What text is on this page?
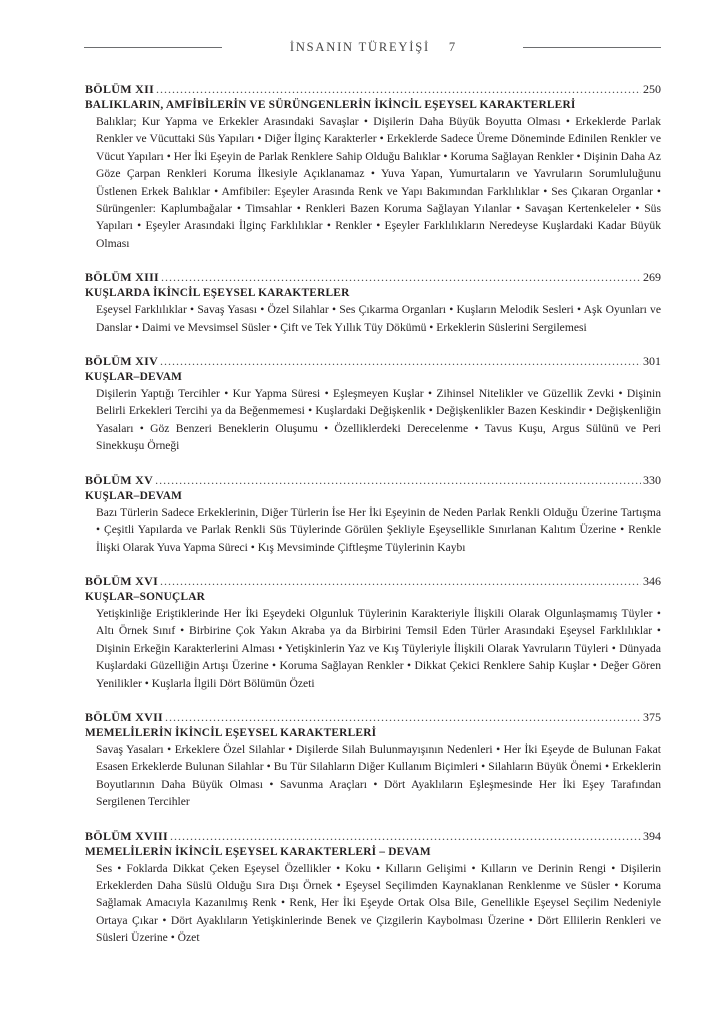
İNSANIN TÜREYİŞİ 7
BÖLÜM XII .....	250
BALIKLARIN, AMFİBİLERİN VE SÜRÜNGENLERİN İKİNCİL EŞEYSEL KARAKTERLERİ

Balıklar; Kur Yapma ve Erkekler Arasındaki Savaşlar • Dişilerin Daha Büyük Boyutta Olması • Erkeklerde Parlak Renkler ve Vücuttaki Süs Yapıları • Diğer İlginç Karakterler • Erkeklerde Sadece Üreme Döneminde Edinilen Renkler ve Vücut Yapıları • Her İki Eşeyin de Parlak Renklere Sahip Olduğu Balıklar • Koruma Sağlayan Renkler • Dişinin Daha Az Göze Çarpan Renkleri Koruma İlkesiyle Açıklanamaz • Yuva Yapan, Yumurtaların ve Yavruların Sorumluluğunu Üstlenen Erkek Balıklar • Amfibiler: Eşeyler Arasında Renk ve Yapı Bakımından Farklılıklar • Ses Çıkaran Organlar • Sürüngenler: Kaplumbağalar • Timsahlar • Renkleri Bazen Koruma Sağlayan Yılanlar • Savaşan Kertenkeleler • Süs Yapıları • Eşeyler Arasındaki İlginç Farklılıklar • Renkler • Eşeyler Farklılıkların Neredeyse Kuşlardaki Kadar Büyük Olması

BÖLÜM XIII .....	269
KUŞLARDA İKİNCİL EŞEYSEL KARAKTERLER

Eşeysel Farklılıklar • Savaş Yasası • Özel Silahlar • Ses Çıkarma Organları • Kuşların Melodik Sesleri • Aşk Oyunları ve Danslar • Daimi ve Mevsimsel Süsler • Çift ve Tek Yıllık Tüy Dökümü • Erkeklerin Süslerini Sergilemesi

BÖLÜM XIV .....	301
KUŞLAR–DEVAM

Dişilerin Yaptığı Tercihler • Kur Yapma Süresi • Eşleşmeyen Kuşlar • Zihinsel Nitelikler ve Güzellik Zevki • Dişinin Belirli Erkekleri Tercihi ya da Beğenmemesi • Kuşlardaki Değişkenlik • Değişkenlikler Bazen Keskindir • Değişkenliğin Yasaları • Göz Benzeri Beneklerin Oluşumu • Özelliklerdeki Derecelenme • Tavus Kuşu, Argus Sülünü ve Peri Sinekkuşu Örneği

BÖLÜM XV .....	330
KUŞLAR–DEVAM

Bazı Türlerin Sadece Erkeklerinin, Diğer Türlerin İse Her İki Eşeyinin de Neden Parlak Renkli Olduğu Üzerine Tartışma • Çeşitli Yapılarda ve Parlak Renkli Süs Tüylerinde Görülen Şekliyle Eşeysellikle Sınırlanan Kalıtım Üzerine • Renkle İlişki Olarak Yuva Yapma Süreci • Kış Mevsiminde Çiftleşme Tüylerinin Kaybı

BÖLÜM XVI .....	346
KUŞLAR–SONUÇLAR

Yetişkinliğe Eriştiklerinde Her İki Eşeydeki Olgunluk Tüylerinin Karakteriyle İlişkili Olarak Olgunlaşmamış Tüyler • Altı Örnek Sınıf • Birbirine Çok Yakın Akraba ya da Birbirini Temsil Eden Türler Arasındaki Eşeysel Farklılıklar • Dişinin Erkeğin Karakterlerini Alması • Yetişkinlerin Yaz ve Kış Tüyleriyle İlişkili Olarak Yavruların Tüyleri • Dünyada Kuşlardaki Güzelliğin Artışı Üzerine • Koruma Sağlayan Renkler • Dikkat Çekici Renklere Sahip Kuşlar • Değer Gören Yenilikler • Kuşlarla İlgili Dört Bölümün Özeti

BÖLÜM XVII .....	375
MEMELİLERİN İKİNCİL EŞEYSEL KARAKTERLERİ

Savaş Yasaları • Erkeklere Özel Silahlar • Dişilerde Silah Bulunmayışının Nedenleri • Her İki Eşeyde de Bulunan Fakat Esasen Erkeklerde Bulunan Silahlar • Bu Tür Silahların Diğer Kullanım Biçimleri • Silahların Büyük Önemi • Erkeklerin Boyutlarının Daha Büyük Olması • Savunma Araçları • Dört Ayaklıların Eşleşmesinde Her İki Eşey Tarafından Sergilenen Tercihler

BÖLÜM XVIII .....	394
MEMELİLERİN İKİNCİL EŞEYSEL KARAKTERLERİ – DEVAM

Ses • Foklarda Dikkat Çeken Eşeysel Özellikler • Koku • Kılların Gelişimi • Kılların ve Derinin Rengi • Dişilerin Erkeklerden Daha Süslü Olduğu Sıra Dışı Örnek • Eşeysel Seçilimden Kaynaklanan Renklenme ve Süsler • Koruma Sağlamak Amacıyla Kazanılmış Renk • Renk, Her İki Eşeyde Ortak Olsa Bile, Genellikle Eşeysel Seçilim Nedeniyle Ortaya Çıkar • Dört Ayaklıların Yetişkinlerinde Benek ve Çizgilerin Kaybolması Üzerine • Dört Ellilerin Renkleri ve Süsleri Üzerine • Özet
